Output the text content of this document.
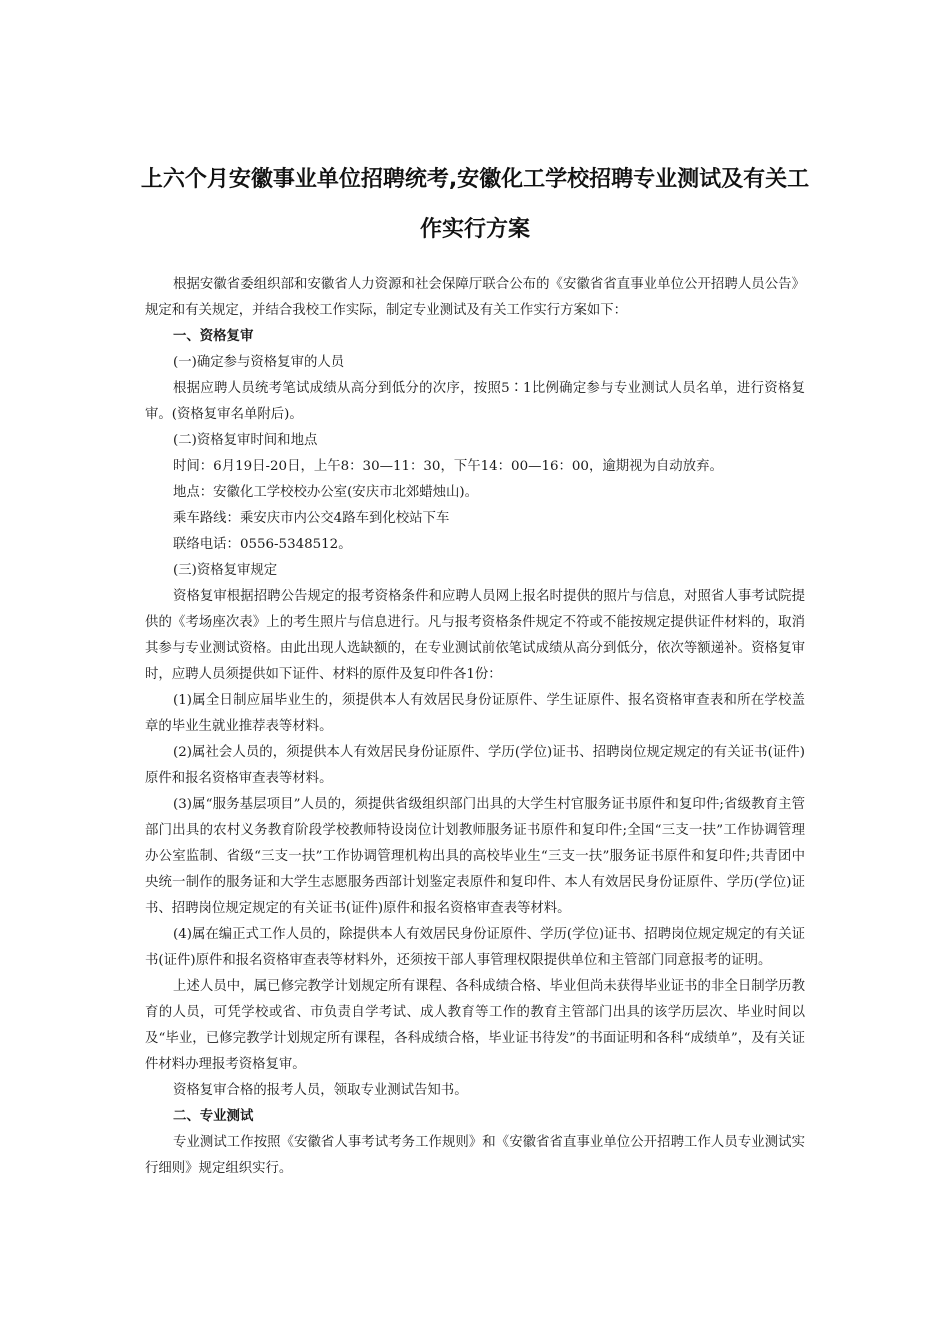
上六个月安徽事业单位招聘统考,安徽化工学校招聘专业测试及有关工作实行方案

根据安徽省委组织部和安徽省人力资源和社会保障厅联合公布的《安徽省省直事业单位公开招聘人员公告》规定和有关规定，并结合我校工作实际，制定专业测试及有关工作实行方案如下：

一、资格复审

(一)确定参与资格复审的人员

根据应聘人员统考笔试成绩从高分到低分的次序，按照5∶1比例确定参与专业测试人员名单，进行资格复审。(资格复审名单附后)。

(二)资格复审时间和地点

时间：6月19日-20日，上午8：30—11：30，下午14：00—16：00，逾期视为自动放弃。

地点：安徽化工学校校办公室(安庆市北郊蜡烛山)。

乘车路线：乘安庆市内公交4路车到化校站下车

联络电话：0556-5348512。

(三)资格复审规定

资格复审根据招聘公告规定的报考资格条件和应聘人员网上报名时提供的照片与信息，对照省人事考试院提供的《考场座次表》上的考生照片与信息进行。凡与报考资格条件规定不符或不能按规定提供证件材料的，取消其参与专业测试资格。由此出现人选缺额的，在专业测试前依笔试成绩从高分到低分，依次等额递补。资格复审时，应聘人员须提供如下证件、材料的原件及复印件各1份：

(1)属全日制应届毕业生的，须提供本人有效居民身份证原件、学生证原件、报名资格审查表和所在学校盖章的毕业生就业推荐表等材料。

(2)属社会人员的，须提供本人有效居民身份证原件、学历(学位)证书、招聘岗位规定规定的有关证书(证件)原件和报名资格审查表等材料。

(3)属“服务基层项目”人员的，须提供省级组织部门出具的大学生村官服务证书原件和复印件;省级教育主管部门出具的农村义务教育阶段学校教师特设岗位计划教师服务证书原件和复印件;全国“三支一扶”工作协调管理办公室监制、省级“三支一扶”工作协调管理机构出具的高校毕业生“三支一扶”服务证书原件和复印件;共青团中央统一制作的服务证和大学生志愿服务西部计划鉴定表原件和复印件、本人有效居民身份证原件、学历(学位)证书、招聘岗位规定规定的有关证书(证件)原件和报名资格审查表等材料。

(4)属在编正式工作人员的，除提供本人有效居民身份证原件、学历(学位)证书、招聘岗位规定规定的有关证书(证件)原件和报名资格审查表等材料外，还须按干部人事管理权限提供单位和主管部门同意报考的证明。

上述人员中，属已修完教学计划规定所有课程、各科成绩合格、毕业但尚未获得毕业证书的非全日制学历教育的人员，可凭学校或省、市负责自学考试、成人教育等工作的教育主管部门出具的该学历层次、毕业时间以及“毕业，已修完教学计划规定所有课程，各科成绩合格，毕业证书待发”的书面证明和各科“成绩单”，及有关证件材料办理报考资格复审。

资格复审合格的报考人员，领取专业测试告知书。

二、专业测试

专业测试工作按照《安徽省人事考试考务工作规则》和《安徽省省直事业单位公开招聘工作人员专业测试实行细则》规定组织实行。
